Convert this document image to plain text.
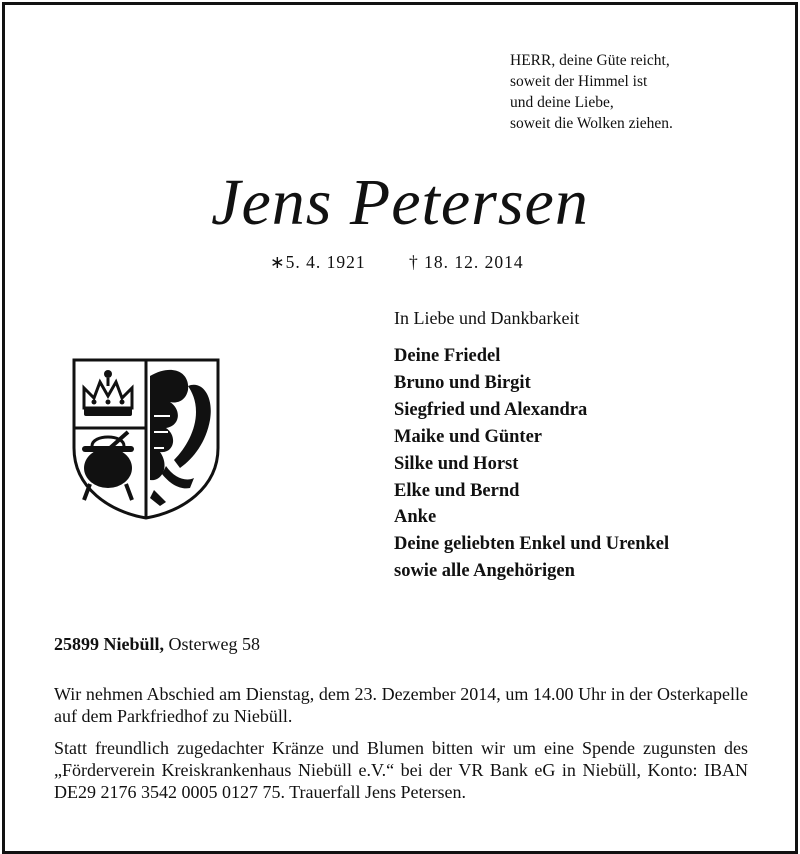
HERR, deine Güte reicht,
soweit der Himmel ist
und deine Liebe,
soweit die Wolken ziehen.
Jens Petersen
∗5. 4. 1921 † 18. 12. 2014
In Liebe und Dankbarkeit
Deine Friedel
Bruno und Birgit
Siegfried und Alexandra
Maike und Günter
Silke und Horst
Elke und Bernd
Anke
Deine geliebten Enkel und Urenkel
sowie alle Angehörigen
25899 Niebüll, Osterweg 58

Wir nehmen Abschied am Dienstag, dem 23. Dezember 2014, um 14.00 Uhr in der Osterkapelle auf dem Parkfriedhof zu Niebüll.

Statt freundlich zugedachter Kränze und Blumen bitten wir um eine Spende zugunsten des „Förderverein Kreiskrankenhaus Niebüll e.V.“ bei der VR Bank eG in Niebüll, Konto: IBAN DE29 2176 3542 0005 0127 75. Trauerfall Jens Petersen.
